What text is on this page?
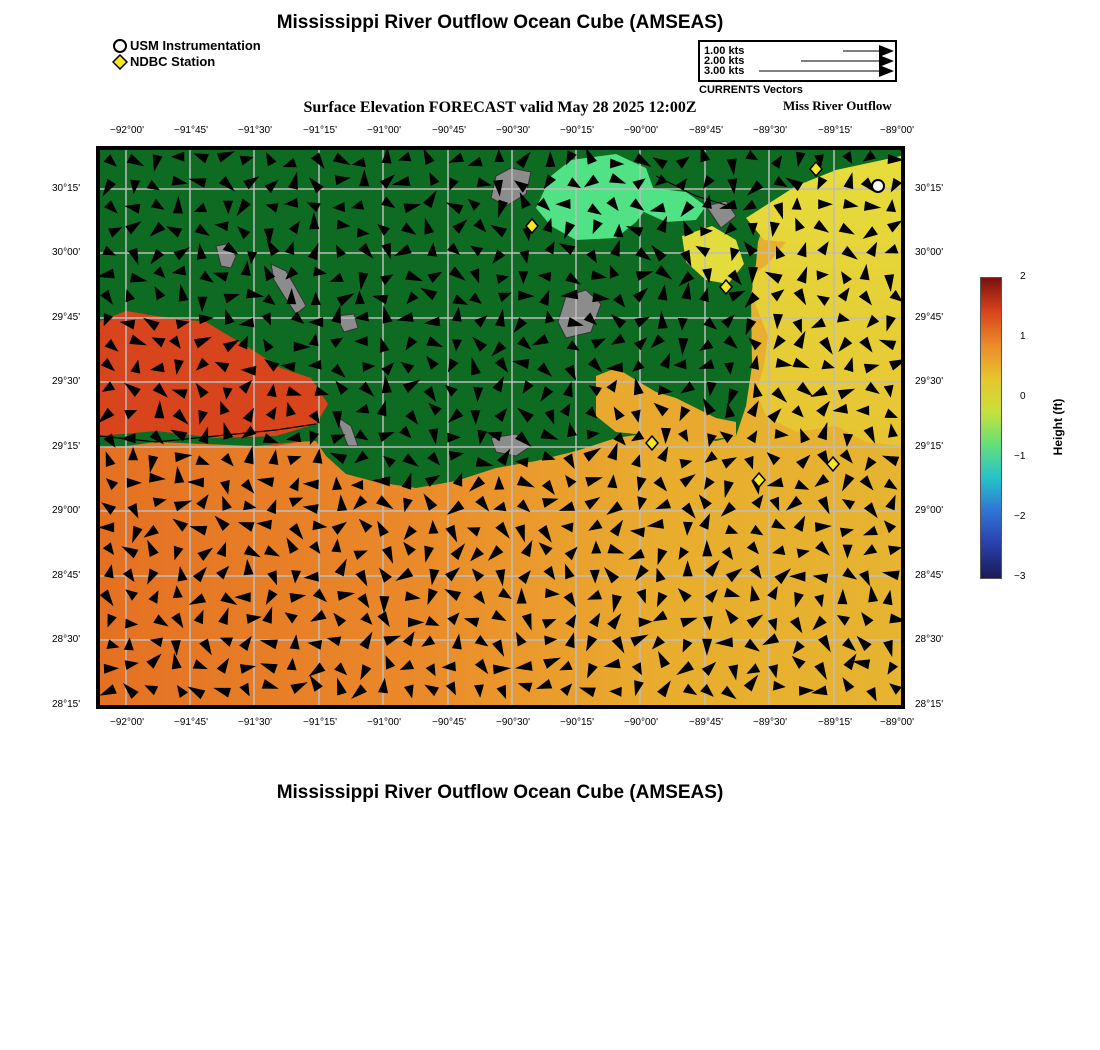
Mississippi River Outflow Ocean Cube (AMSEAS)
USM Instrumentation
NDBC Station
1.00 kts
2.00 kts
3.00 kts
CURRENTS Vectors
Surface Elevation FORECAST valid May 28 2025 12:00Z	Miss River Outflow
−92°00'	−91°45'	−91°30'	−91°15'	−91°00'	−90°45'	−90°30'	−90°15'	−90°00'	−89°45'	−89°30'	−89°15'	−89°00'
−92°00'	−91°45'	−91°30'	−91°15'	−91°00'	−90°45'	−90°30'	−90°15'	−90°00'	−89°45'	−89°30'	−89°15'	−89°00'
30°15'
30°00'
29°45'
29°30'
29°15'
29°00'
28°45'
28°30'
28°15'
30°15'
30°00'
29°45'
29°30'
29°15'
29°00'
28°45'
28°30'
28°15'
2
1
0
−1
−2
−3
Height (ft)
Mississippi River Outflow Ocean Cube (AMSEAS)
